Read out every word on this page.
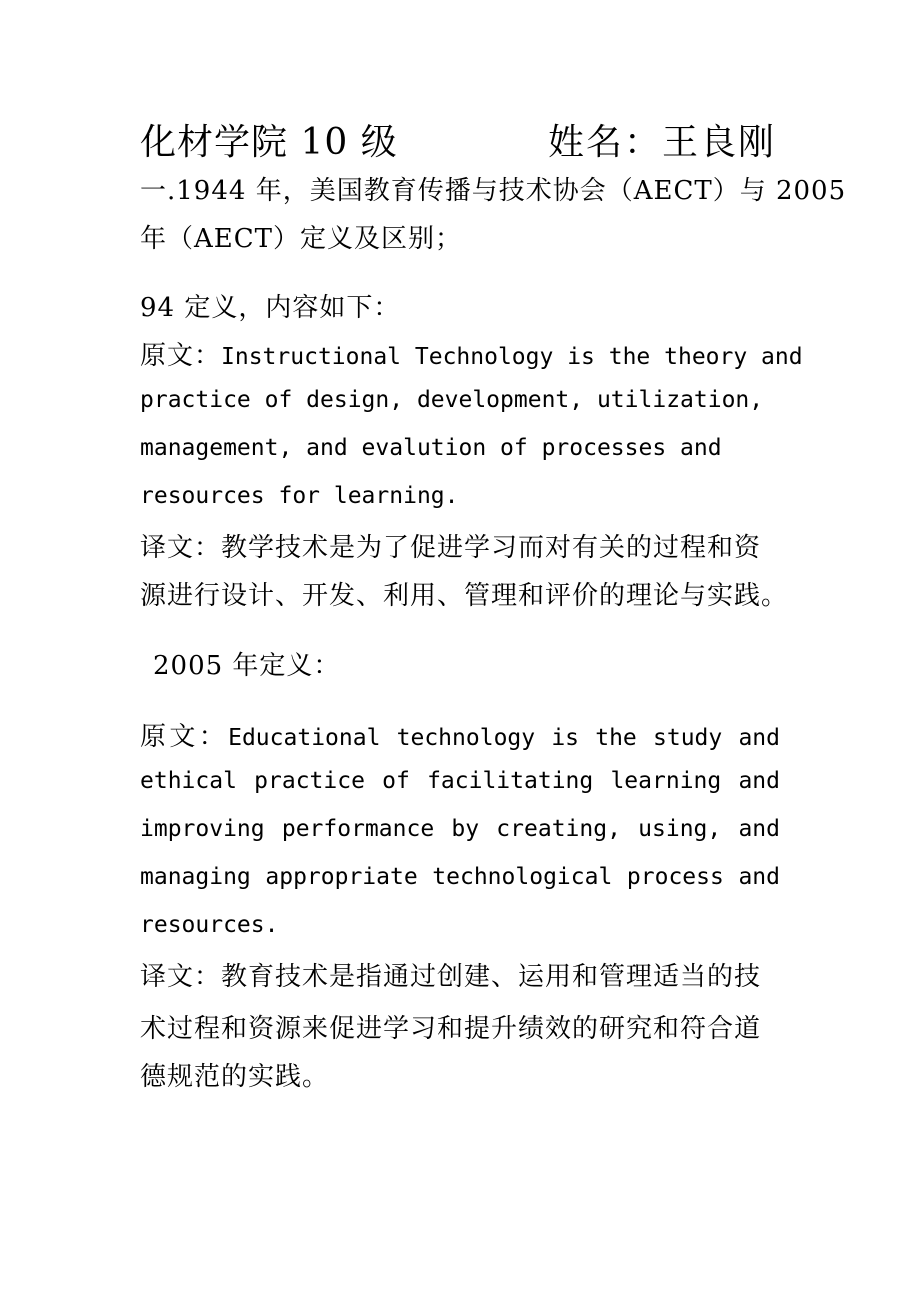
化材学院 10 级	姓名：王良刚
一.1944 年，美国教育传播与技术协会（AECT）与 2005
年（AECT）定义及区别；
94 定义，内容如下：
原文：Instructional Technology is the theory and
practice of design, development, utilization,
management, and evalution of processes and
resources for learning.
译文：教学技术是为了促进学习而对有关的过程和资
源进行设计、开发、利用、管理和评价的理论与实践。
2005 年定义：
原文：Educational technology is the study and
ethical practice of facilitating learning and
improving performance by creating, using, and
managing appropriate technological process and
resources.
译文：教育技术是指通过创建、运用和管理适当的技
术过程和资源来促进学习和提升绩效的研究和符合道
德规范的实践。
